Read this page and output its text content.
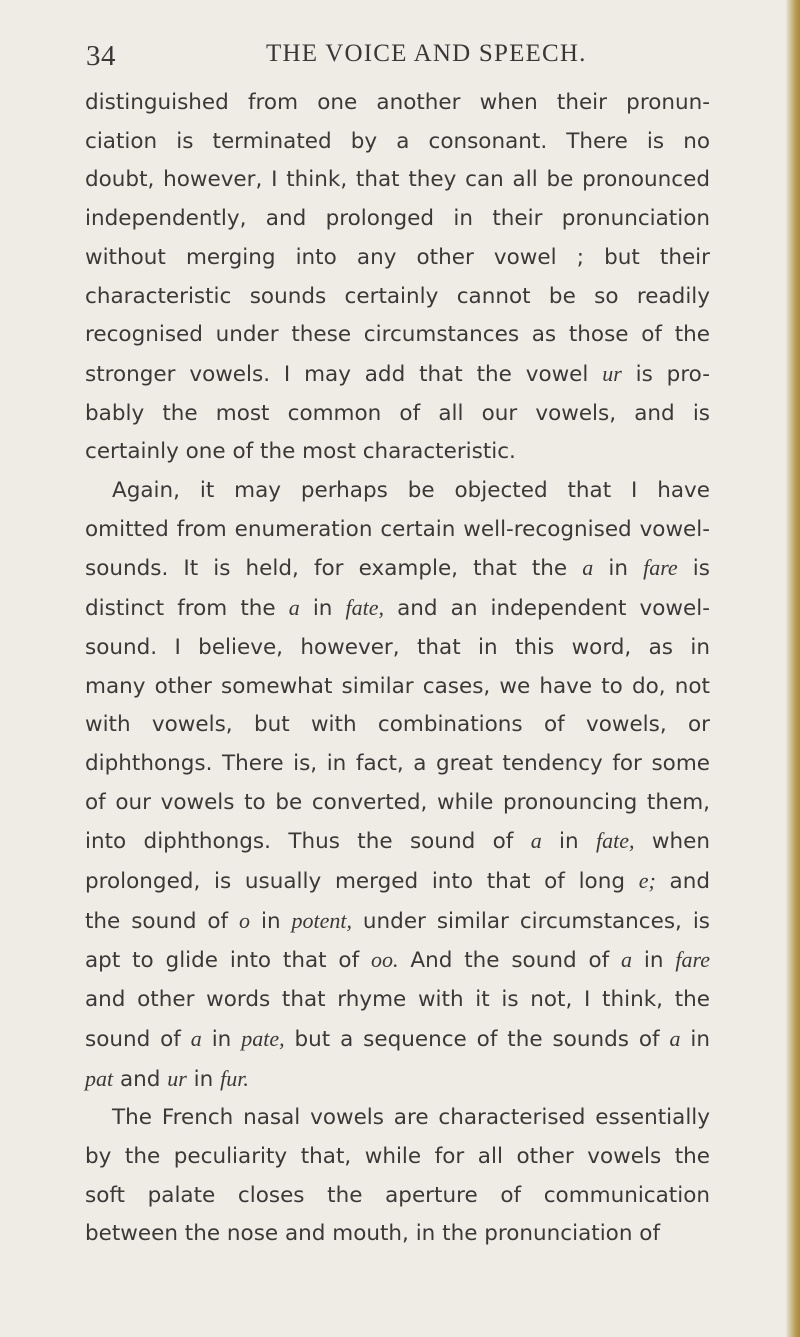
34	THE VOICE AND SPEECH.
distinguished from one another when their pronun-
ciation is terminated by a consonant. There is no
doubt, however, I think, that they can all be pronounced
independently, and prolonged in their pronunciation
without merging into any other vowel ; but their
characteristic sounds certainly cannot be so readily
recognised under these circumstances as those of the
stronger vowels. I may add that the vowel ur is pro-
bably the most common of all our vowels, and is
certainly one of the most characteristic.
Again, it may perhaps be objected that I have
omitted from enumeration certain well-recognised vowel-
sounds. It is held, for example, that the a in fare is
distinct from the a in fate, and an independent vowel-
sound. I believe, however, that in this word, as in
many other somewhat similar cases, we have to do, not
with vowels, but with combinations of vowels, or
diphthongs. There is, in fact, a great tendency for some
of our vowels to be converted, while pronouncing them,
into diphthongs. Thus the sound of a in fate, when
prolonged, is usually merged into that of long e; and
the sound of o in potent, under similar circumstances, is
apt to glide into that of oo. And the sound of a in fare
and other words that rhyme with it is not, I think, the
sound of a in pate, but a sequence of the sounds of a in
pat and ur in fur.
The French nasal vowels are characterised essentially
by the peculiarity that, while for all other vowels the
soft palate closes the aperture of communication
between the nose and mouth, in the pronunciation of
